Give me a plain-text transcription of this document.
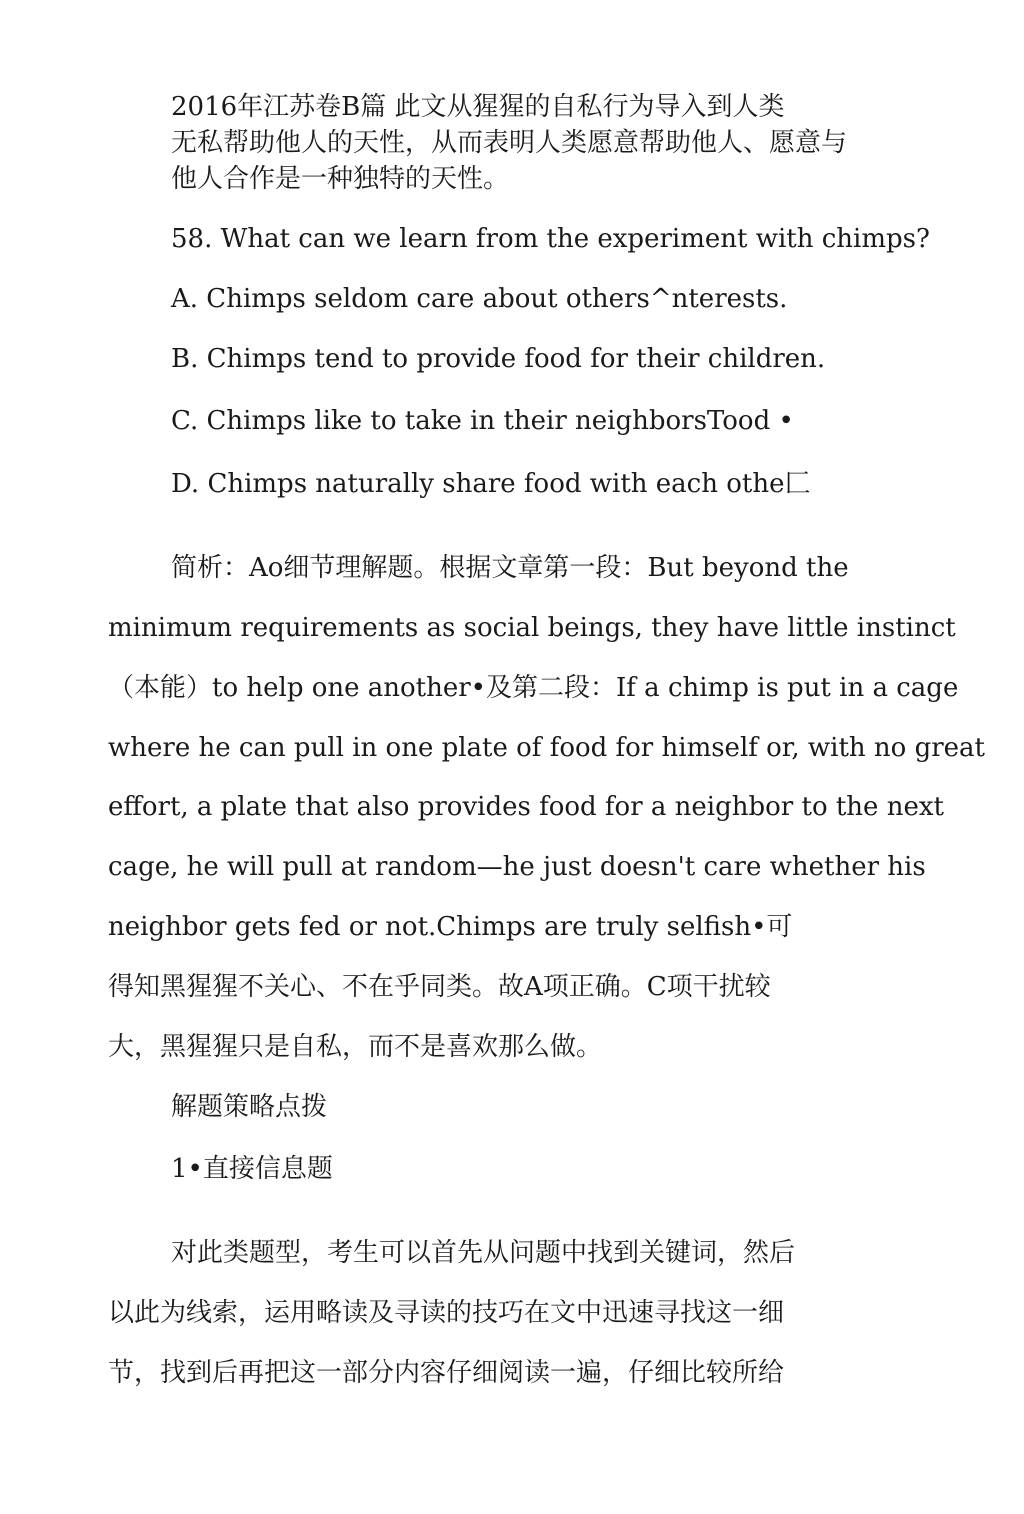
2016年江苏卷B篇 此文从猩猩的自私行为导入到人类
无私帮助他人的天性，从而表明人类愿意帮助他人、愿意与
他人合作是一种独特的天性。
58. What can we learn from the experiment with chimps?
A. Chimps seldom care about others^nterests.
B. Chimps tend to provide food for their children.
C. Chimps like to take in their neighborsTood •
D. Chimps naturally share food with each othe匚
简析：Ao细节理解题。根据文章第一段：But beyond the
minimum requirements as social beings, they have little instinct
（本能）to help one another•及第二段：If a chimp is put in a cage
where he can pull in one plate of food for himself or, with no great
effort, a plate that also provides food for a neighbor to the next
cage, he will pull at random—he just doesn't care whether his
neighbor gets fed or not.Chimps are truly selfish•可
得知黑猩猩不关心、不在乎同类。故A项正确。C项干扰较
大，黑猩猩只是自私，而不是喜欢那么做。
解题策略点拨
1•直接信息题
对此类题型，考生可以首先从问题中找到关键词，然后
以此为线索，运用略读及寻读的技巧在文中迅速寻找这一细
节，找到后再把这一部分内容仔细阅读一遍，仔细比较所给
